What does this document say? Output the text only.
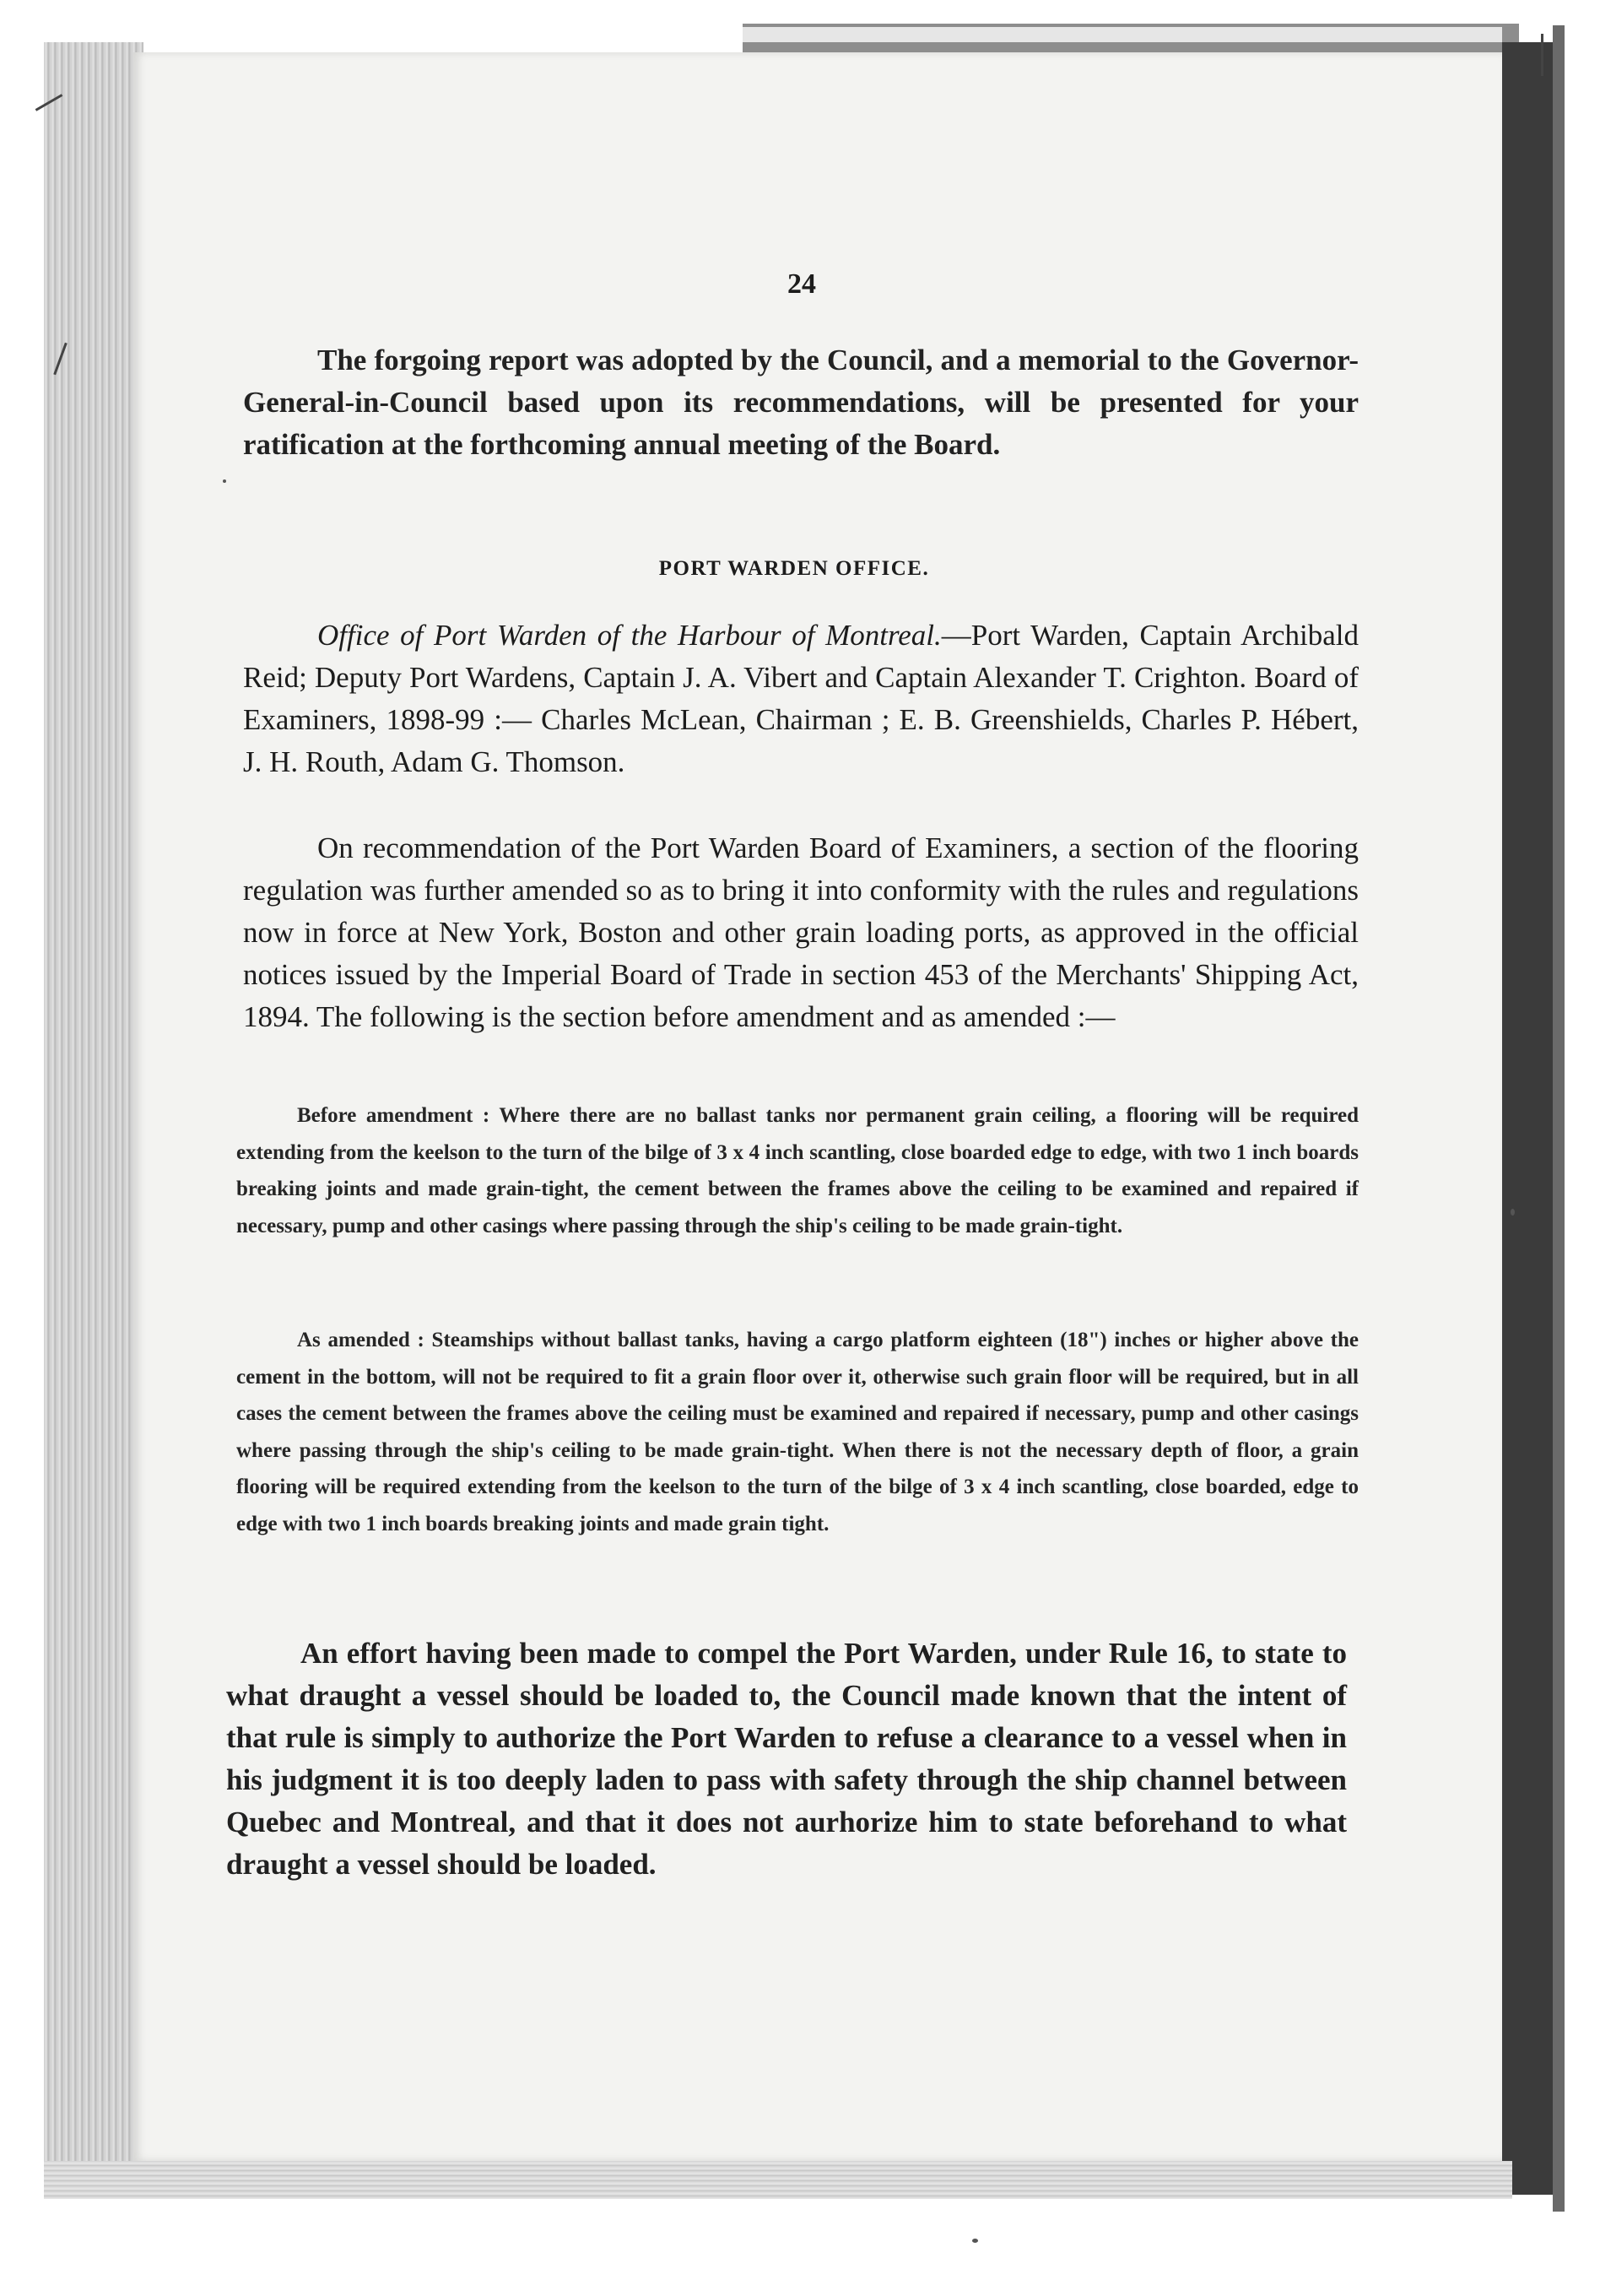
24

The forgoing report was adopted by the Council, and a memorial to the Governor-General-in-Council based upon its recommendations, will be presented for your ratification at the forthcoming annual meeting of the Board.

PORT WARDEN OFFICE.

Office of Port Warden of the Harbour of Montreal.—Port Warden, Captain Archibald Reid; Deputy Port Wardens, Captain J. A. Vibert and Captain Alexander T. Crighton. Board of Examiners, 1898-99 :— Charles McLean, Chairman ; E. B. Greenshields, Charles P. Hébert, J. H. Routh, Adam G. Thomson.

On recommendation of the Port Warden Board of Examiners, a section of the flooring regulation was further amended so as to bring it into conformity with the rules and regulations now in force at New York, Boston and other grain loading ports, as approved in the official notices issued by the Imperial Board of Trade in section 453 of the Merchants' Shipping Act, 1894. The following is the section before amendment and as amended :—

Before amendment : Where there are no ballast tanks nor permanent grain ceiling, a flooring will be required extending from the keelson to the turn of the bilge of 3 x 4 inch scantling, close boarded edge to edge, with two 1 inch boards breaking joints and made grain-tight, the cement between the frames above the ceiling to be examined and repaired if necessary, pump and other casings where passing through the ship's ceiling to be made grain-tight.

As amended : Steamships without ballast tanks, having a cargo platform eighteen (18") inches or higher above the cement in the bottom, will not be required to fit a grain floor over it, otherwise such grain floor will be required, but in all cases the cement between the frames above the ceiling must be examined and repaired if necessary, pump and other casings where passing through the ship's ceiling to be made grain-tight. When there is not the necessary depth of floor, a grain flooring will be required extending from the keelson to the turn of the bilge of 3 x 4 inch scantling, close boarded, edge to edge with two 1 inch boards breaking joints and made grain tight.

An effort having been made to compel the Port Warden, under Rule 16, to state to what draught a vessel should be loaded to, the Council made known that the intent of that rule is simply to authorize the Port Warden to refuse a clearance to a vessel when in his judgment it is too deeply laden to pass with safety through the ship channel between Quebec and Montreal, and that it does not aurhorize him to state beforehand to what draught a vessel should be loaded.
